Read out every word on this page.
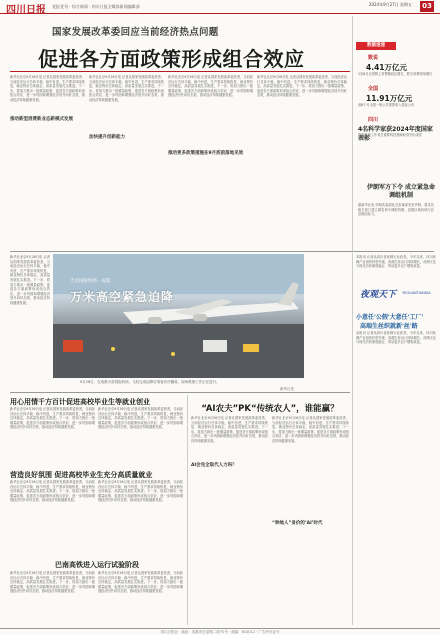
四川日报 党报党刊 · 综合新闻 · 四川日报全媒体新闻编辑部	2024年9月27日 星期五	03
国家发展改革委回应当前经济热点问题
促进各方面政策形成组合效应
新华社北京9月26日电 记者从国家发展改革委获悉，当前经济运行总体平稳、稳中有进，生产需求持续恢复，就业物价总体稳定，高质量发展扎实推进。下一步，将加力推出一批增量政策，促进各方面政策形成组合效应，进一步巩固和增强经济回升向好态势，推动经济持续健康发展。
推动新型消费新业态新模式发展
新华社北京9月26日电 记者从国家发展改革委获悉，当前经济运行总体平稳、稳中有进，生产需求持续恢复，就业物价总体稳定，高质量发展扎实推进。下一步，将加力推出一批增量政策，促进各方面政策形成组合效应，进一步巩固和增强经济回升向好态势，推动经济持续健康发展。
加快提升创新能力
新华社北京9月26日电 记者从国家发展改革委获悉，当前经济运行总体平稳、稳中有进，生产需求持续恢复，就业物价总体稳定，高质量发展扎实推进。下一步，将加力推出一批增量政策，促进各方面政策形成组合效应，进一步巩固和增强经济回升向好态势，推动经济持续健康发展。
推动更多政策措施在9月底前落地见效
新华社北京9月26日电 记者从国家发展改革委获悉，当前经济运行总体平稳、稳中有进，生产需求持续恢复，就业物价总体稳定，高质量发展扎实推进。下一步，将加力推出一批增量政策，促进各方面政策形成组合效应，进一步巩固和增强经济回升向好态势，推动经济持续健康发展。
数据速递
数说
4.41万亿元
1至8月全国网上零售额同比增长，数字消费持续增长
全国
11.91万亿元
前8个月全国一般公共预算收入情况公布
四川
4名科学家获2024年度国家表彰
我省科研工作者在重要科技领域取得突出成绩
伊朗军方下令 成立紧急命调组机制
据新华社电 伊朗武装部队总参谋部发布声明，要求各相关部门建立紧急命令调配机制，加强区域协调与应急响应能力。
新华社北京9月26日电 记者从国家发展改革委获悉，当前经济运行总体平稳、稳中有进，生产需求持续恢复，就业物价总体稳定，高质量发展扎实推进。下一步，将加力推出一批增量政策，促进各方面政策形成组合效应，进一步巩固和增强经济回升向好态势，推动经济持续健康发展。
天府国际机场 · 成都
万米高空紧急迫降
9月26日，在成都天府国际机场，飞机完成迫降后乘客有序撤离，现场救援工作正在进行。
新华社发
本报讯 记者从四川省丝绸行业获悉，今年以来，四川丝绸产业加快转型升级，高端生丝出口持续增长，丝绸文化与现代纺织深度融合，带动更多农户增收致富。
夜观天下 YEGUANTIANXIA
小意任'公假'大意任'工厂'
高端生丝织就新'丝'路
本报讯 记者从四川省丝绸行业获悉，今年以来，四川丝绸产业加快转型升级，高端生丝出口持续增长，丝绸文化与现代纺织深度融合，带动更多农户增收致富。
用心用情千方百计促进高校毕业生等就业创业
新华社北京9月26日电 记者从国家发展改革委获悉，当前经济运行总体平稳、稳中有进，生产需求持续恢复，就业物价总体稳定，高质量发展扎实推进。下一步，将加力推出一批增量政策，促进各方面政策形成组合效应，进一步巩固和增强经济回升向好态势，推动经济持续健康发展。
新华社北京9月26日电 记者从国家发展改革委获悉，当前经济运行总体平稳、稳中有进，生产需求持续恢复，就业物价总体稳定，高质量发展扎实推进。下一步，将加力推出一批增量政策，促进各方面政策形成组合效应，进一步巩固和增强经济回升向好态势，推动经济持续健康发展。
营造良好氛围 促进高校毕业生充分高质量就业
新华社北京9月26日电 记者从国家发展改革委获悉，当前经济运行总体平稳、稳中有进，生产需求持续恢复，就业物价总体稳定，高质量发展扎实推进。下一步，将加力推出一批增量政策，促进各方面政策形成组合效应，进一步巩固和增强经济回升向好态势，推动经济持续健康发展。
新华社北京9月26日电 记者从国家发展改革委获悉，当前经济运行总体平稳、稳中有进，生产需求持续恢复，就业物价总体稳定，高质量发展扎实推进。下一步，将加力推出一批增量政策，促进各方面政策形成组合效应，进一步巩固和增强经济回升向好态势，推动经济持续健康发展。
巴南高铁进入运行试验阶段
新华社北京9月26日电 记者从国家发展改革委获悉，当前经济运行总体平稳、稳中有进，生产需求持续恢复，就业物价总体稳定，高质量发展扎实推进。下一步，将加力推出一批增量政策，促进各方面政策形成组合效应，进一步巩固和增强经济回升向好态势，推动经济持续健康发展。
新华社北京9月26日电 记者从国家发展改革委获悉，当前经济运行总体平稳、稳中有进，生产需求持续恢复，就业物价总体稳定，高质量发展扎实推进。下一步，将加力推出一批增量政策，促进各方面政策形成组合效应，进一步巩固和增强经济回升向好态势，推动经济持续健康发展。
“AI农夫”PK“传统农人”，谁能赢？
新华社北京9月26日电 记者从国家发展改革委获悉，当前经济运行总体平稳、稳中有进，生产需求持续恢复，就业物价总体稳定，高质量发展扎实推进。下一步，将加力推出一批增量政策，促进各方面政策形成组合效应，进一步巩固和增强经济回升向好态势，推动经济持续健康发展。
AI会完全取代人力吗？
新华社北京9月26日电 记者从国家发展改革委获悉，当前经济运行总体平稳、稳中有进，生产需求持续恢复，就业物价总体稳定，高质量发展扎实推进。下一步，将加力推出一批增量政策，促进各方面政策形成组合效应，进一步巩固和增强经济回升向好态势，推动经济持续健康发展。
“种地人”身价的‘AI’时代
四川日报社 · 地址：成都市红星路二段70号 · 邮编：610012 · 广告许可证号
